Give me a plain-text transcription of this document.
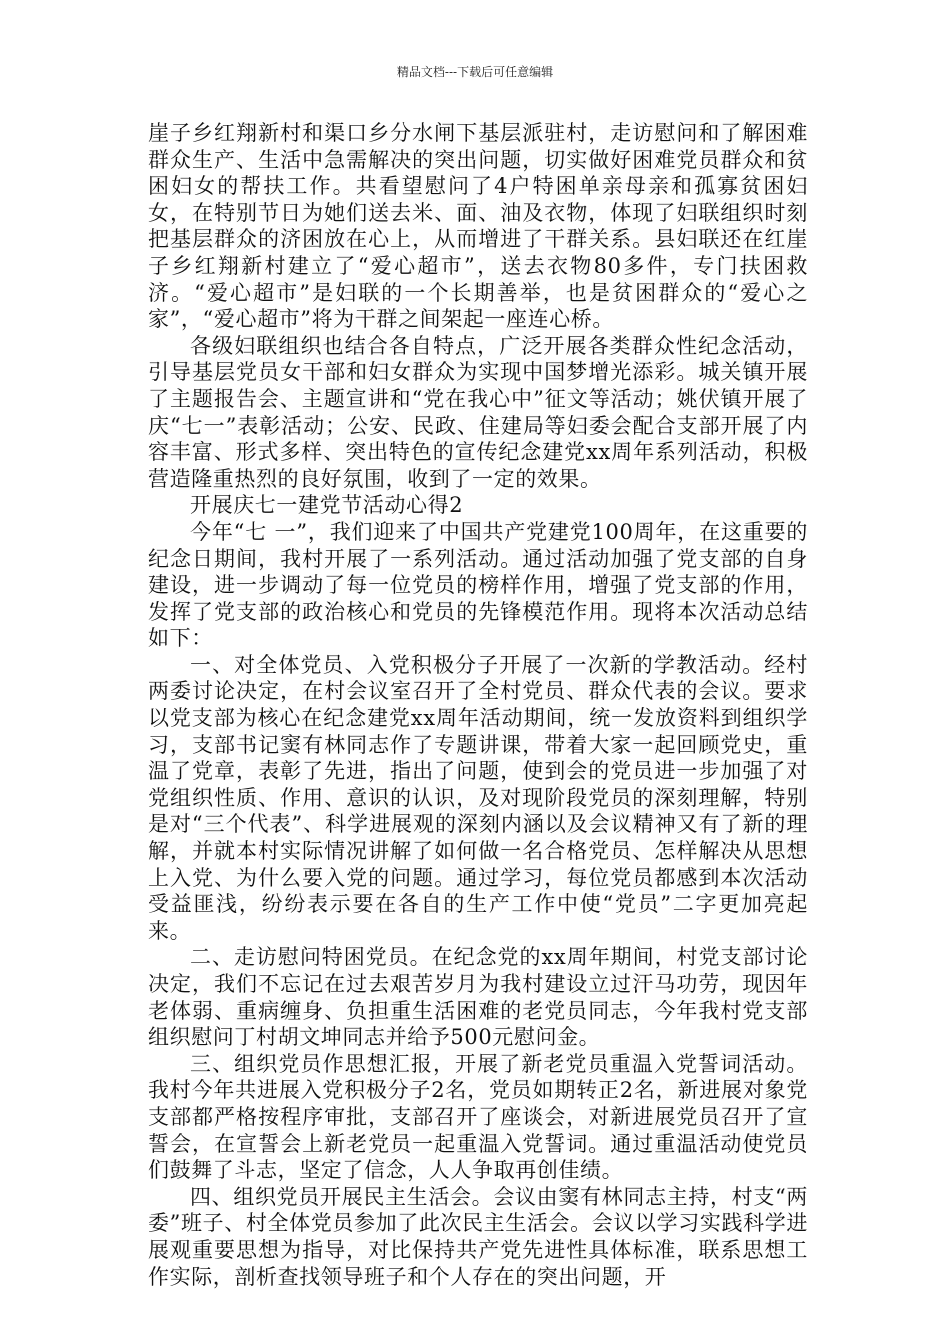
精品文档---下载后可任意编辑

崖子乡红翔新村和渠口乡分水闸下基层派驻村，走访慰问和了解困难群众生产、生活中急需解决的突出问题，切实做好困难党员群众和贫困妇女的帮扶工作。共看望慰问了4户特困单亲母亲和孤寡贫困妇女，在特别节日为她们送去米、面、油及衣物，体现了妇联组织时刻把基层群众的济困放在心上，从而增进了干群关系。县妇联还在红崖子乡红翔新村建立了“爱心超市”，送去衣物80多件，专门扶困救济。“爱心超市”是妇联的一个长期善举，也是贫困群众的“爱心之家”，“爱心超市”将为干群之间架起一座连心桥。

各级妇联组织也结合各自特点，广泛开展各类群众性纪念活动，引导基层党员女干部和妇女群众为实现中国梦增光添彩。城关镇开展了主题报告会、主题宣讲和“党在我心中”征文等活动；姚伏镇开展了庆“七一”表彰活动；公安、民政、住建局等妇委会配合支部开展了内容丰富、形式多样、突出特色的宣传纪念建党xx周年系列活动，积极营造隆重热烈的良好氛围，收到了一定的效果。

开展庆七一建党节活动心得2

今年“七 一”，我们迎来了中国共产党建党100周年，在这重要的纪念日期间，我村开展了一系列活动。通过活动加强了党支部的自身建设，进一步调动了每一位党员的榜样作用，增强了党支部的作用，发挥了党支部的政治核心和党员的先锋模范作用。现将本次活动总结如下：

一、对全体党员、入党积极分子开展了一次新的学教活动。经村两委讨论决定，在村会议室召开了全村党员、群众代表的会议。要求以党支部为核心在纪念建党xx周年活动期间，统一发放资料到组织学习，支部书记窦有林同志作了专题讲课，带着大家一起回顾党史，重温了党章，表彰了先进，指出了问题，使到会的党员进一步加强了对党组织性质、作用、意识的认识，及对现阶段党员的深刻理解，特别是对“三个代表”、科学进展观的深刻内涵以及会议精神又有了新的理解，并就本村实际情况讲解了如何做一名合格党员、怎样解决从思想上入党、为什么要入党的问题。通过学习，每位党员都感到本次活动受益匪浅，纷纷表示要在各自的生产工作中使“党员”二字更加亮起来。

二、走访慰问特困党员。在纪念党的xx周年期间，村党支部讨论决定，我们不忘记在过去艰苦岁月为我村建设立过汗马功劳，现因年老体弱、重病缠身、负担重生活困难的老党员同志，今年我村党支部组织慰问丁村胡文坤同志并给予500元慰问金。

三、组织党员作思想汇报，开展了新老党员重温入党誓词活动。我村今年共进展入党积极分子2名，党员如期转正2名，新进展对象党支部都严格按程序审批，支部召开了座谈会，对新进展党员召开了宣誓会，在宣誓会上新老党员一起重温入党誓词。通过重温活动使党员们鼓舞了斗志，坚定了信念，人人争取再创佳绩。

四、组织党员开展民主生活会。会议由窦有林同志主持，村支“两委”班子、村全体党员参加了此次民主生活会。会议以学习实践科学进展观重要思想为指导，对比保持共产党先进性具体标准，联系思想工作实际，剖析查找领导班子和个人存在的突出问题，开
